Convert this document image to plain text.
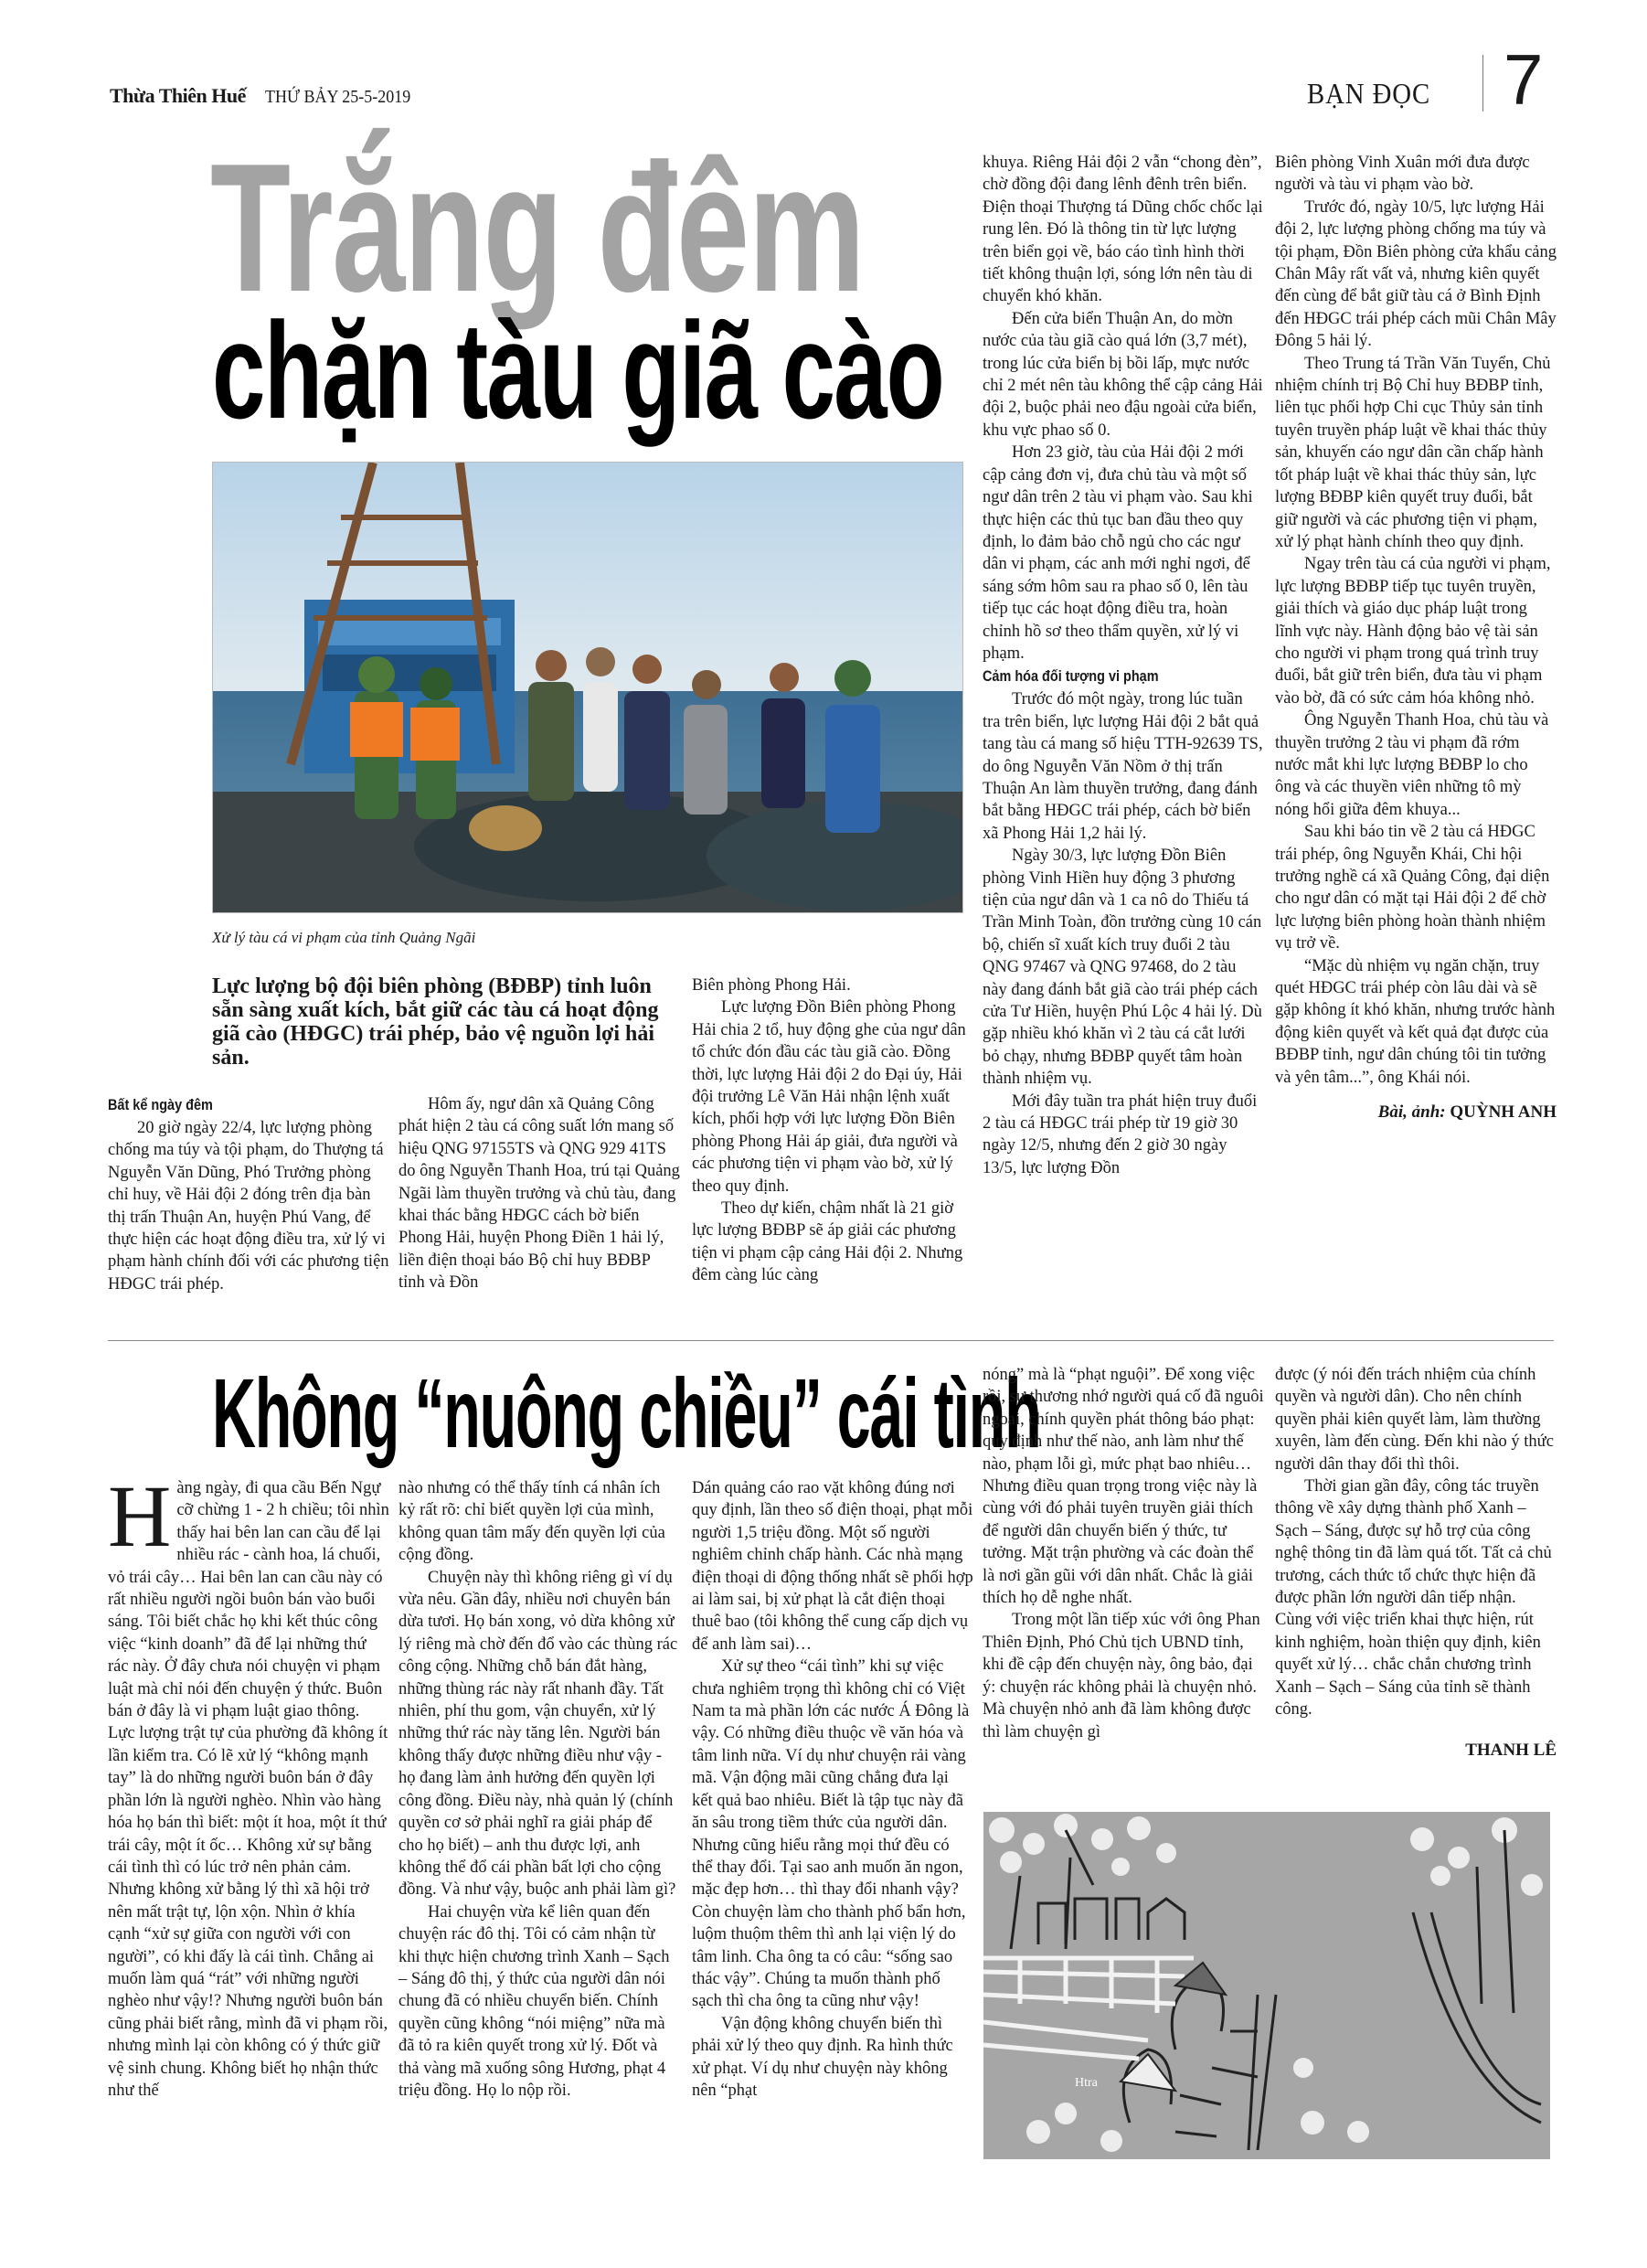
Thừa Thiên Huế THỨ BẢY 25-5-2019	BẠN ĐỌC 7
Trắng đêm
chặn tàu giã cào
Xử lý tàu cá vi phạm của tỉnh Quảng Ngãi
Lực lượng bộ đội biên phòng (BĐBP) tỉnh luôn sẵn sàng xuất kích, bắt giữ các tàu cá hoạt động giã cào (HĐGC) trái phép, bảo vệ nguồn lợi hải sản.
Bất kể ngày đêm

20 giờ ngày 22/4, lực lượng phòng chống ma túy và tội phạm, do Thượng tá Nguyễn Văn Dũng, Phó Trưởng phòng chỉ huy, về Hải đội 2 đóng trên địa bàn thị trấn Thuận An, huyện Phú Vang, để thực hiện các hoạt động điều tra, xử lý vi phạm hành chính đối với các phương tiện HĐGC trái phép.

Hôm ấy, ngư dân xã Quảng Công phát hiện 2 tàu cá công suất lớn mang số hiệu QNG 97155TS và QNG 929 41TS do ông Nguyễn Thanh Hoa, trú tại Quảng Ngãi làm thuyền trưởng và chủ tàu, đang khai thác bằng HĐGC cách bờ biển Phong Hải, huyện Phong Điền 1 hải lý, liền điện thoại báo Bộ chỉ huy BĐBP tỉnh và Đồn

Biên phòng Phong Hải.

Lực lượng Đồn Biên phòng Phong Hải chia 2 tổ, huy động ghe của ngư dân tổ chức đón đầu các tàu giã cào. Đồng thời, lực lượng Hải đội 2 do Đại úy, Hải đội trưởng Lê Văn Hải nhận lệnh xuất kích, phối hợp với lực lượng Đồn Biên phòng Phong Hải áp giải, đưa người và các phương tiện vi phạm vào bờ, xử lý theo quy định.

Theo dự kiến, chậm nhất là 21 giờ lực lượng BĐBP sẽ áp giải các phương tiện vi phạm cập cảng Hải đội 2. Nhưng đêm càng lúc càng

khuya. Riêng Hải đội 2 vẫn “chong đèn”, chờ đồng đội đang lênh đênh trên biển. Điện thoại Thượng tá Dũng chốc chốc lại rung lên. Đó là thông tin từ lực lượng trên biển gọi về, báo cáo tình hình thời tiết không thuận lợi, sóng lớn nên tàu di chuyển khó khăn.

Đến cửa biển Thuận An, do mờn nước của tàu giã cào quá lớn (3,7 mét), trong lúc cửa biển bị bồi lấp, mực nước chỉ 2 mét nên tàu không thể cập cảng Hải đội 2, buộc phải neo đậu ngoài cửa biển, khu vực phao số 0.

Hơn 23 giờ, tàu của Hải đội 2 mới cập cảng đơn vị, đưa chủ tàu và một số ngư dân trên 2 tàu vi phạm vào. Sau khi thực hiện các thủ tục ban đầu theo quy định, lo đảm bảo chỗ ngủ cho các ngư dân vi phạm, các anh mới nghỉ ngơi, để sáng sớm hôm sau ra phao số 0, lên tàu tiếp tục các hoạt động điều tra, hoàn chỉnh hồ sơ theo thẩm quyền, xử lý vi phạm.

Cảm hóa đối tượng vi phạm

Trước đó một ngày, trong lúc tuần tra trên biển, lực lượng Hải đội 2 bắt quả tang tàu cá mang số hiệu TTH-92639 TS, do ông Nguyễn Văn Nồm ở thị trấn Thuận An làm thuyền trưởng, đang đánh bắt bằng HĐGC trái phép, cách bờ biển xã Phong Hải 1,2 hải lý.

Ngày 30/3, lực lượng Đồn Biên phòng Vinh Hiền huy động 3 phương tiện của ngư dân và 1 ca nô do Thiếu tá Trần Minh Toàn, đồn trưởng cùng 10 cán bộ, chiến sĩ xuất kích truy đuổi 2 tàu QNG 97467 và QNG 97468, do 2 tàu này đang đánh bắt giã cào trái phép cách cửa Tư Hiền, huyện Phú Lộc 4 hải lý. Dù gặp nhiều khó khăn vì 2 tàu cá cắt lưới bỏ chạy, nhưng BĐBP quyết tâm hoàn thành nhiệm vụ.

Mới đây tuần tra phát hiện truy đuổi 2 tàu cá HĐGC trái phép từ 19 giờ 30 ngày 12/5, nhưng đến 2 giờ 30 ngày 13/5, lực lượng Đồn

Biên phòng Vinh Xuân mới đưa được người và tàu vi phạm vào bờ.

Trước đó, ngày 10/5, lực lượng Hải đội 2, lực lượng phòng chống ma túy và tội phạm, Đồn Biên phòng cửa khẩu cảng Chân Mây rất vất vả, nhưng kiên quyết đến cùng để bắt giữ tàu cá ở Bình Định đến HĐGC trái phép cách mũi Chân Mây Đông 5 hải lý.

Theo Trung tá Trần Văn Tuyển, Chủ nhiệm chính trị Bộ Chỉ huy BĐBP tỉnh, liên tục phối hợp Chi cục Thủy sản tỉnh tuyên truyền pháp luật về khai thác thủy sản, khuyến cáo ngư dân cần chấp hành tốt pháp luật về khai thác thủy sản, lực lượng BĐBP kiên quyết truy đuổi, bắt giữ người và các phương tiện vi phạm, xử lý phạt hành chính theo quy định.

Ngay trên tàu cá của người vi phạm, lực lượng BĐBP tiếp tục tuyên truyền, giải thích và giáo dục pháp luật trong lĩnh vực này. Hành động bảo vệ tài sản cho người vi phạm trong quá trình truy đuổi, bắt giữ trên biển, đưa tàu vi phạm vào bờ, đã có sức cảm hóa không nhỏ.

Ông Nguyễn Thanh Hoa, chủ tàu và thuyền trưởng 2 tàu vi phạm đã rớm nước mắt khi lực lượng BĐBP lo cho ông và các thuyền viên những tô mỳ nóng hổi giữa đêm khuya...

Sau khi báo tin về 2 tàu cá HĐGC trái phép, ông Nguyễn Khái, Chi hội trưởng nghề cá xã Quảng Công, đại diện cho ngư dân có mặt tại Hải đội 2 để chờ lực lượng biên phòng hoàn thành nhiệm vụ trở về.

“Mặc dù nhiệm vụ ngăn chặn, truy quét HĐGC trái phép còn lâu dài và sẽ gặp không ít khó khăn, nhưng trước hành động kiên quyết và kết quả đạt được của BĐBP tỉnh, ngư dân chúng tôi tin tưởng và yên tâm...”, ông Khái nói.

Bài, ảnh: QUỲNH ANH
Không “nuông chiều” cái tình

Hàng ngày, đi qua cầu Bến Ngự cỡ chừng 1 - 2 h chiều; tôi nhìn thấy hai bên lan can cầu để lại nhiều rác - cành hoa, lá chuối, vỏ trái cây… Hai bên lan can cầu này có rất nhiều người ngồi buôn bán vào buổi sáng. Tôi biết chắc họ khi kết thúc công việc “kinh doanh” đã để lại những thứ rác này. Ở đây chưa nói chuyện vi phạm luật mà chỉ nói đến chuyện ý thức. Buôn bán ở đây là vi phạm luật giao thông. Lực lượng trật tự của phường đã không ít lần kiểm tra. Có lẽ xử lý “không mạnh tay” là do những người buôn bán ở đây phần lớn là người nghèo. Nhìn vào hàng hóa họ bán thì biết: một ít hoa, một ít thứ trái cây, một ít ốc… Không xử sự bằng cái tình thì có lúc trở nên phản cảm. Nhưng không xử bằng lý thì xã hội trở nên mất trật tự, lộn xộn. Nhìn ở khía cạnh “xử sự giữa con người với con người”, có khi đấy là cái tình. Chẳng ai muốn làm quá “rát” với những người nghèo như vậy!? Nhưng người buôn bán cũng phải biết rằng, mình đã vi phạm rồi, nhưng mình lại còn không có ý thức giữ vệ sinh chung. Không biết họ nhận thức như thế

nào nhưng có thể thấy tính cá nhân ích kỷ rất rõ: chỉ biết quyền lợi của mình, không quan tâm mấy đến quyền lợi của cộng đồng.

Chuyện này thì không riêng gì ví dụ vừa nêu. Gần đây, nhiều nơi chuyên bán dừa tươi. Họ bán xong, vỏ dừa không xử lý riêng mà chờ đến đổ vào các thùng rác công cộng. Những chỗ bán đắt hàng, những thùng rác này rất nhanh đầy. Tất nhiên, phí thu gom, vận chuyển, xử lý những thứ rác này tăng lên. Người bán không thấy được những điều như vậy - họ đang làm ảnh hưởng đến quyền lợi công đồng. Điều này, nhà quản lý (chính quyền cơ sở phải nghĩ ra giải pháp để cho họ biết) – anh thu được lợi, anh không thể đổ cái phần bất lợi cho cộng đồng. Và như vậy, buộc anh phải làm gì?

Hai chuyện vừa kể liên quan đến chuyện rác đô thị. Tôi có cảm nhận từ khi thực hiện chương trình Xanh – Sạch – Sáng đô thị, ý thức của người dân nói chung đã có nhiều chuyển biến. Chính quyền cũng không “nói miệng” nữa mà đã tỏ ra kiên quyết trong xử lý. Đốt và thả vàng mã xuống sông Hương, phạt 4 triệu đồng. Họ lo nộp rồi.

Dán quảng cáo rao vặt không đúng nơi quy định, lần theo số điện thoại, phạt mỗi người 1,5 triệu đồng. Một số người nghiêm chỉnh chấp hành. Các nhà mạng điện thoại di động thống nhất sẽ phối hợp ai làm sai, bị xử phạt là cắt điện thoại thuê bao (tôi không thể cung cấp dịch vụ để anh làm sai)…

Xử sự theo “cái tình” khi sự việc chưa nghiêm trọng thì không chỉ có Việt Nam ta mà phần lớn các nước Á Đông là vậy. Có những điều thuộc về văn hóa và tâm linh nữa. Ví dụ như chuyện rải vàng mã. Vận động mãi cũng chẳng đưa lại kết quả bao nhiêu. Biết là tập tục này đã ăn sâu trong tiềm thức của người dân. Nhưng cũng hiểu rằng mọi thứ đều có thể thay đổi. Tại sao anh muốn ăn ngon, mặc đẹp hơn… thì thay đổi nhanh vậy? Còn chuyện làm cho thành phố bẩn hơn, luộm thuộm thêm thì anh lại viện lý do tâm linh. Cha ông ta có câu: “sống sao thác vậy”. Chúng ta muốn thành phố sạch thì cha ông ta cũng như vậy!

Vận động không chuyển biến thì phải xử lý theo quy định. Ra hình thức xử phạt. Ví dụ như chuyện này không nên “phạt

nóng” mà là “phạt nguội”. Để xong việc rồi, sự thương nhớ người quá cố đã nguôi ngoai, chính quyền phát thông báo phạt: quy định như thế nào, anh làm như thế nào, phạm lỗi gì, mức phạt bao nhiêu… Nhưng điều quan trọng trong việc này là cùng với đó phải tuyên truyền giải thích để người dân chuyển biến ý thức, tư tưởng. Mặt trận phường và các đoàn thể là nơi gần gũi với dân nhất. Chắc là giải thích họ dễ nghe nhất.

Trong một lần tiếp xúc với ông Phan Thiên Định, Phó Chủ tịch UBND tỉnh, khi đề cập đến chuyện này, ông bảo, đại ý: chuyện rác không phải là chuyện nhỏ. Mà chuyện nhỏ anh đã làm không được thì làm chuyện gì

được (ý nói đến trách nhiệm của chính quyền và người dân). Cho nên chính quyền phải kiên quyết làm, làm thường xuyên, làm đến cùng. Đến khi nào ý thức người dân thay đổi thì thôi.

Thời gian gần đây, công tác truyền thông về xây dựng thành phố Xanh – Sạch – Sáng, được sự hỗ trợ của công nghệ thông tin đã làm quá tốt. Tất cả chủ trương, cách thức tổ chức thực hiện đã được phần lớn người dân tiếp nhận. Cùng với việc triển khai thực hiện, rút kinh nghiệm, hoàn thiện quy định, kiên quyết xử lý… chắc chắn chương trình Xanh – Sạch – Sáng của tỉnh sẽ thành công.

THANH LÊ
Htra
